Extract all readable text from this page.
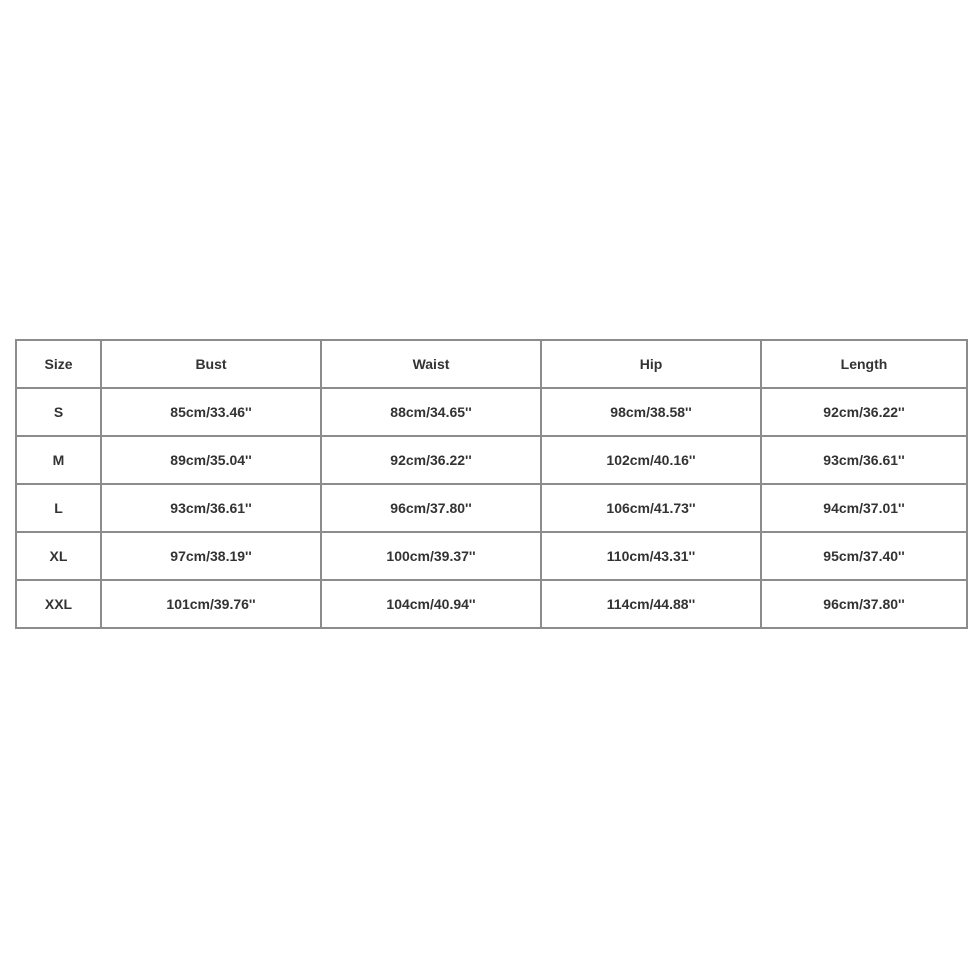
Size	Bust	Waist	Hip	Length
S	85cm/33.46''	88cm/34.65''	98cm/38.58''	92cm/36.22''
M	89cm/35.04''	92cm/36.22''	102cm/40.16''	93cm/36.61''
L	93cm/36.61''	96cm/37.80''	106cm/41.73''	94cm/37.01''
XL	97cm/38.19''	100cm/39.37''	110cm/43.31''	95cm/37.40''
XXL	101cm/39.76''	104cm/40.94''	114cm/44.88''	96cm/37.80''
